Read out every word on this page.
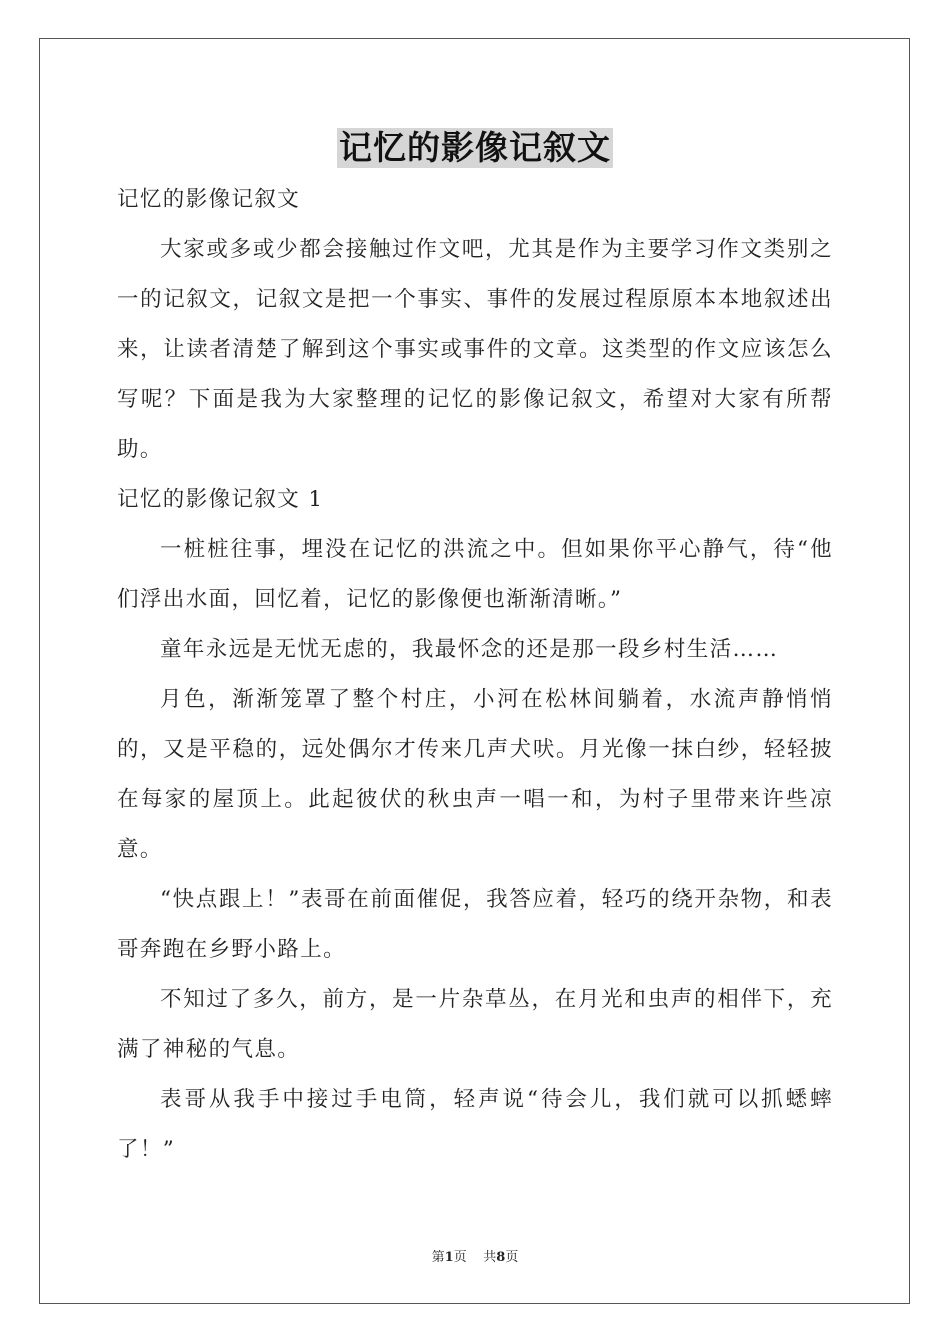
记忆的影像记叙文

记忆的影像记叙文

大家或多或少都会接触过作文吧，尤其是作为主要学习作文类别之一的记叙文，记叙文是把一个事实、事件的发展过程原原本本地叙述出来，让读者清楚了解到这个事实或事件的文章。这类型的作文应该怎么写呢？下面是我为大家整理的记忆的影像记叙文，希望对大家有所帮助。

记忆的影像记叙文 1

一桩桩往事，埋没在记忆的洪流之中。但如果你平心静气，待“他们浮出水面，回忆着，记忆的影像便也渐渐清晰。”

童年永远是无忧无虑的，我最怀念的还是那一段乡村生活……

月色，渐渐笼罩了整个村庄，小河在松林间躺着，水流声静悄悄的，又是平稳的，远处偶尔才传来几声犬吠。月光像一抹白纱，轻轻披在每家的屋顶上。此起彼伏的秋虫声一唱一和，为村子里带来许些凉意。

“快点跟上！”表哥在前面催促，我答应着，轻巧的绕开杂物，和表哥奔跑在乡野小路上。

不知过了多久，前方，是一片杂草丛，在月光和虫声的相伴下，充满了神秘的气息。

表哥从我手中接过手电筒，轻声说“待会儿，我们就可以抓蟋蟀了！”

第1页 共8页
